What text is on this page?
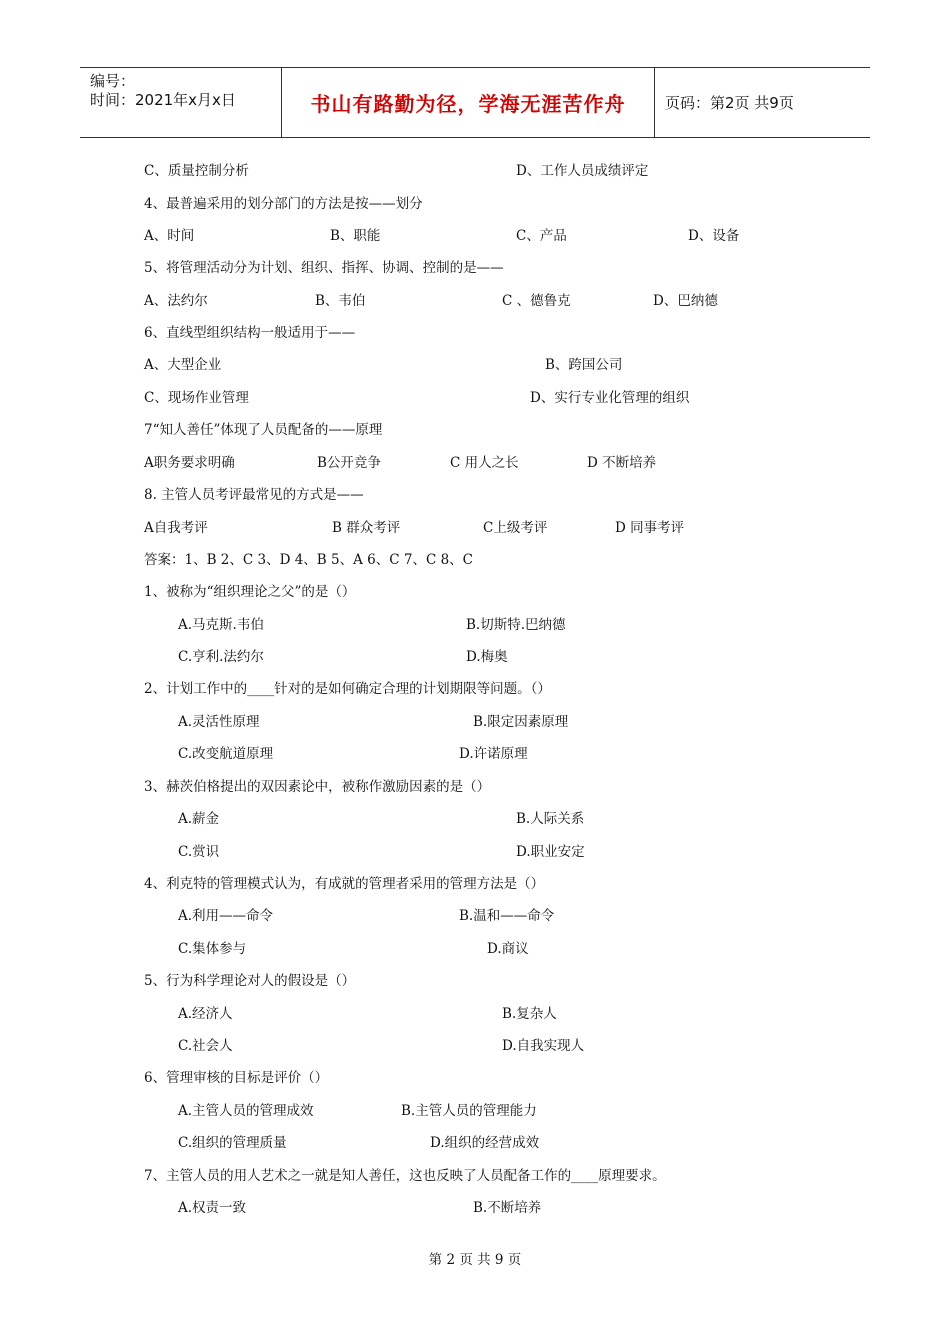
编号：
时间：2021年x月x日	书山有路勤为径，学海无涯苦作舟	页码：第2页 共9页
C、质量控制分析	D、工作人员成绩评定
4、最普遍采用的划分部门的方法是按——划分
A、时间	B、职能	C、产品	D、设备
5、将管理活动分为计划、组织、指挥、协调、控制的是——
A、法约尔	B、韦伯	C 、德鲁克	D、巴纳德
6、直线型组织结构一般适用于——
A、大型企业	B、跨国公司
C、现场作业管理	D、实行专业化管理的组织
7“知人善任”体现了人员配备的——原理
A职务要求明确	B公开竞争	C 用人之长	D 不断培养
8. 主管人员考评最常见的方式是——
A自我考评	B 群众考评	C上级考评	D 同事考评
答案：1、B 2、C 3、D 4、B 5、A 6、C 7、C 8、C
1、被称为“组织理论之父”的是（）
A.马克斯.韦伯	B.切斯特.巴纳德
C.亨利.法约尔	D.梅奥
2、计划工作中的____针对的是如何确定合理的计划期限等问题。（）
A.灵活性原理	B.限定因素原理
C.改变航道原理	D.许诺原理
3、赫茨伯格提出的双因素论中，被称作激励因素的是（）
A.薪金	B.人际关系
C.赏识	D.职业安定
4、利克特的管理模式认为，有成就的管理者采用的管理方法是（）
A.利用——命令	B.温和——命令
C.集体参与	D.商议
5、行为科学理论对人的假设是（）
A.经济人	B.复杂人
C.社会人	D.自我实现人
6、管理审核的目标是评价（）
A.主管人员的管理成效	B.主管人员的管理能力
C.组织的管理质量	D.组织的经营成效
7、主管人员的用人艺术之一就是知人善任，这也反映了人员配备工作的____原理要求。
A.权责一致	B.不断培养
第 2 页 共 9 页
